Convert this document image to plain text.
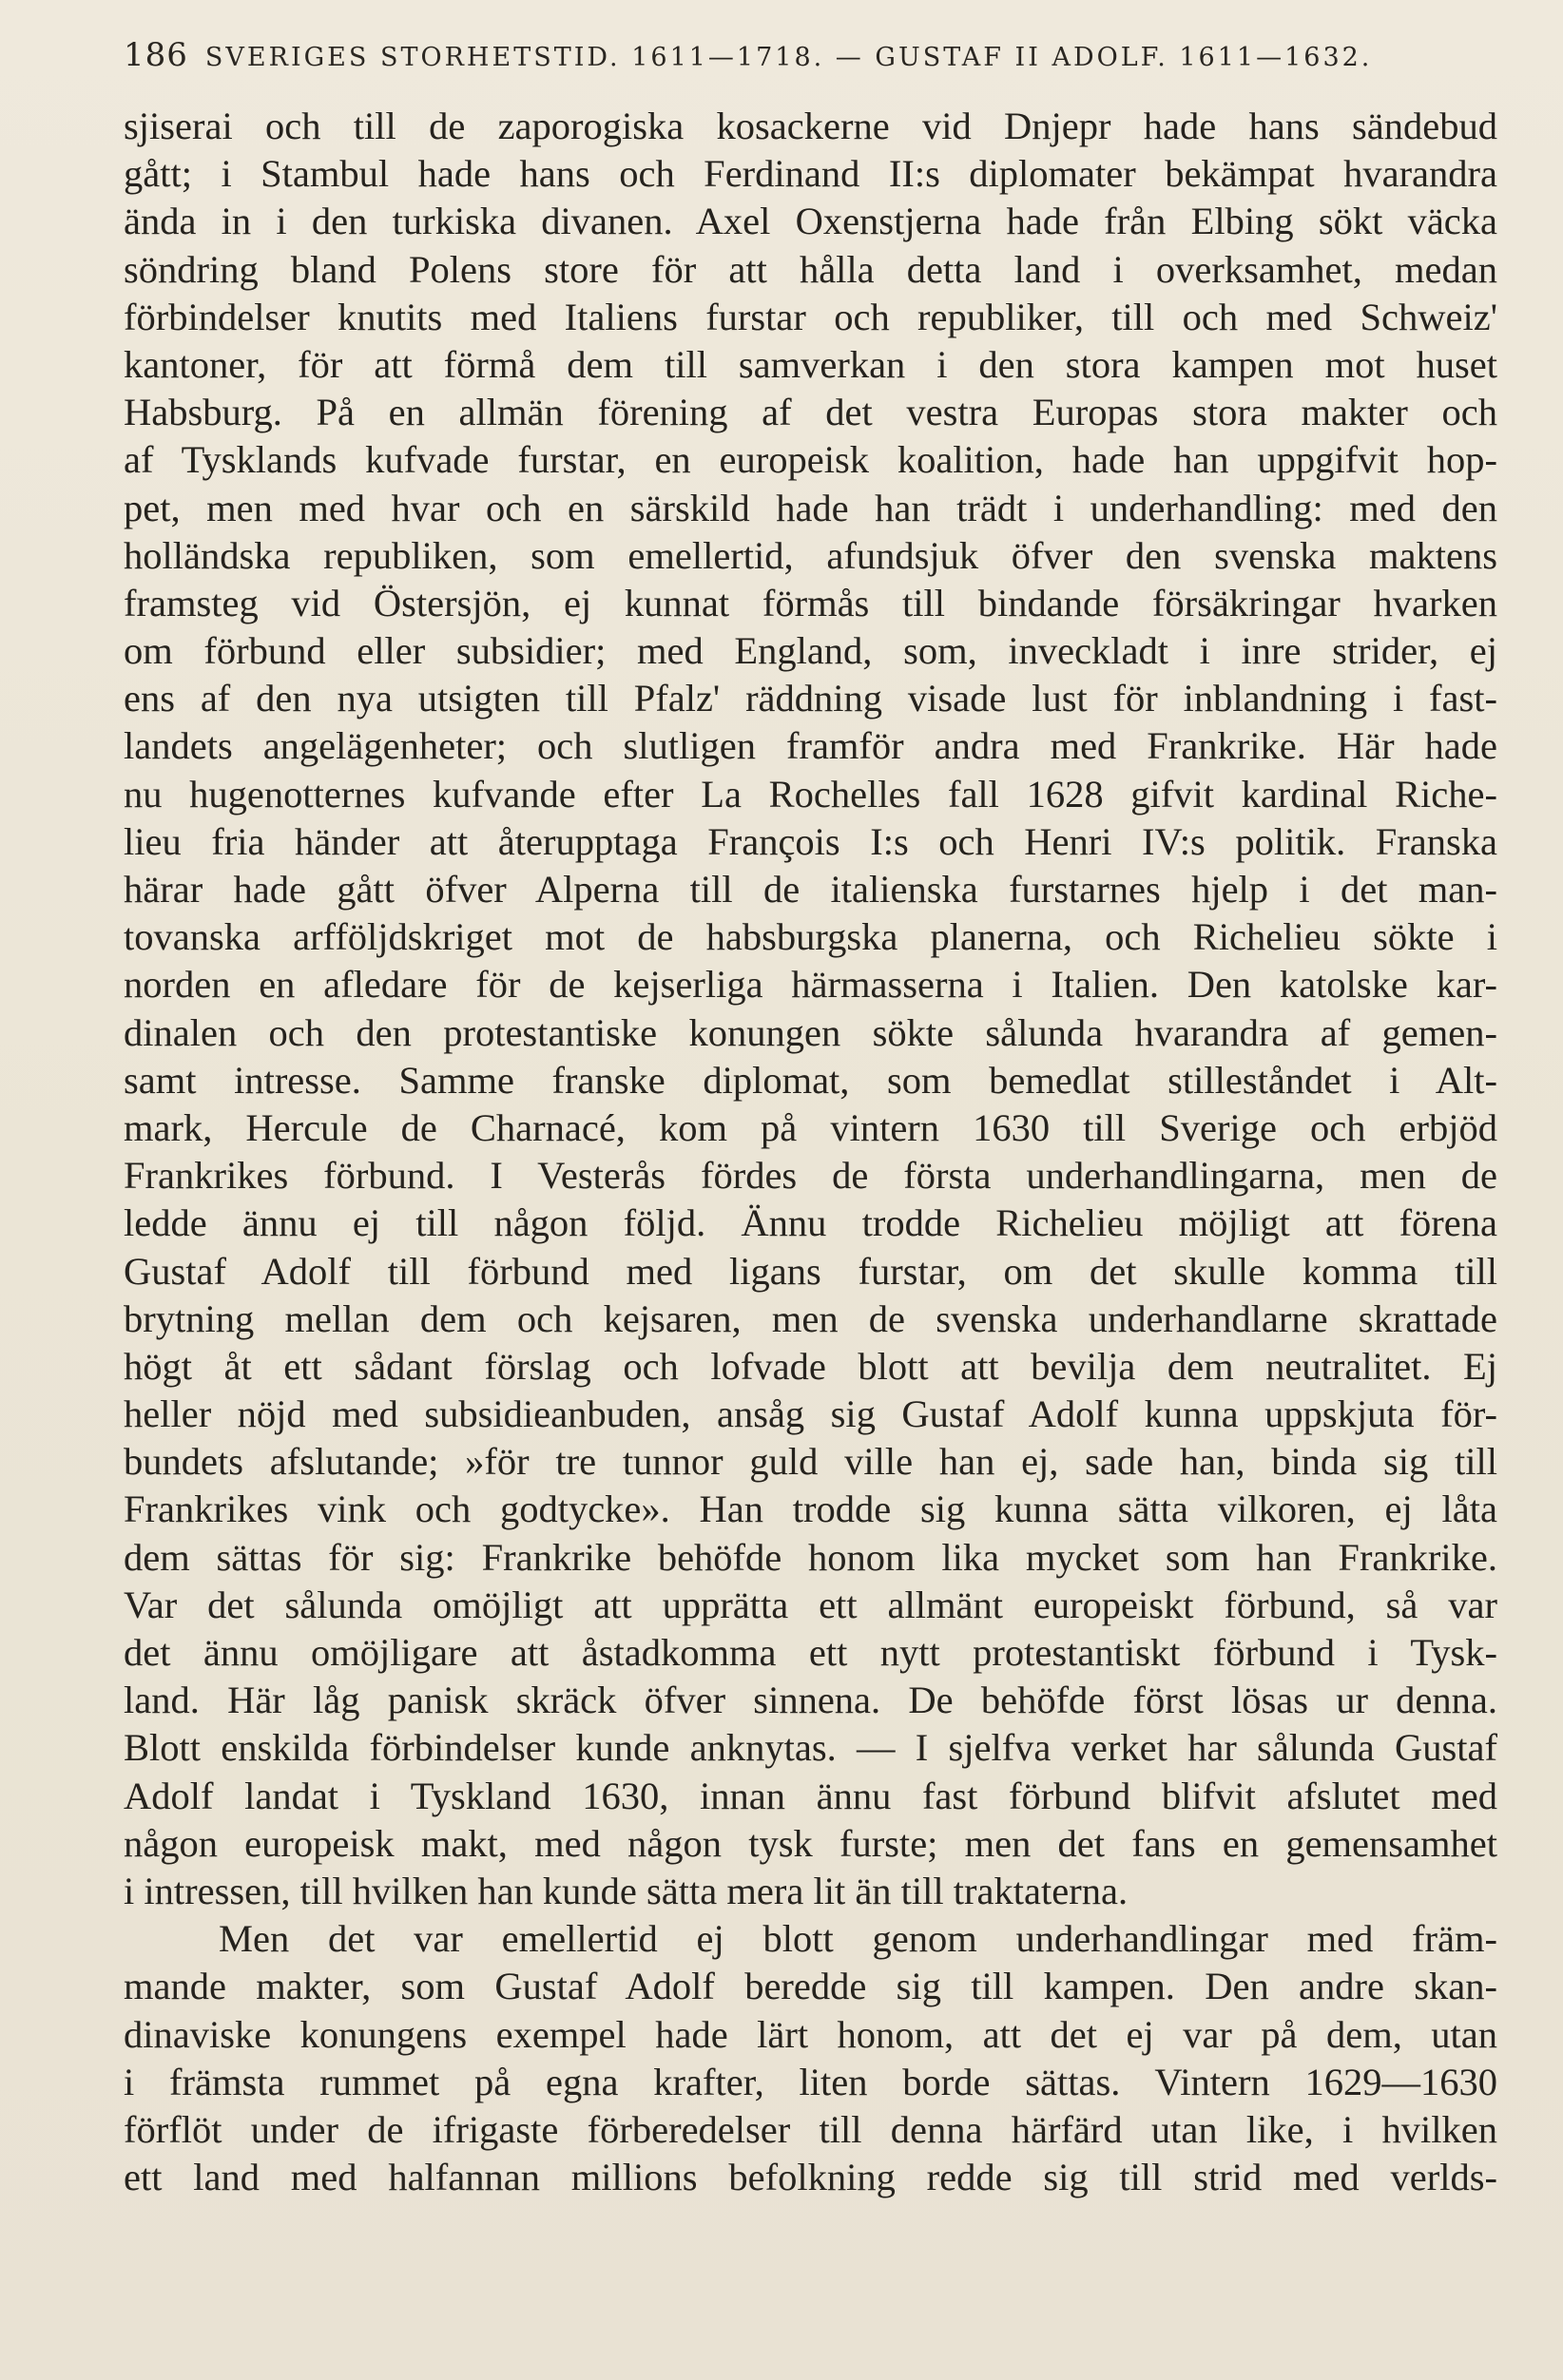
186 SVERIGES STORHETSTID. 1611—1718. — GUSTAF II ADOLF. 1611—1632.
sjiserai och till de zaporogiska kosackerne vid Dnjepr hade hans sändebud
gått; i Stambul hade hans och Ferdinand II:s diplomater bekämpat hvarandra
ända in i den turkiska divanen. Axel Oxenstjerna hade från Elbing sökt väcka
söndring bland Polens store för att hålla detta land i overksamhet, medan
förbindelser knutits med Italiens furstar och republiker, till och med Schweiz'
kantoner, för att förmå dem till samverkan i den stora kampen mot huset
Habsburg. På en allmän förening af det vestra Europas stora makter och
af Tysklands kufvade furstar, en europeisk koalition, hade han uppgifvit hop-
pet, men med hvar och en särskild hade han trädt i underhandling: med den
holländska republiken, som emellertid, afundsjuk öfver den svenska maktens
framsteg vid Östersjön, ej kunnat förmås till bindande försäkringar hvarken
om förbund eller subsidier; med England, som, inveckladt i inre strider, ej
ens af den nya utsigten till Pfalz' räddning visade lust för inblandning i fast-
landets angelägenheter; och slutligen framför andra med Frankrike. Här hade
nu hugenotternes kufvande efter La Rochelles fall 1628 gifvit kardinal Riche-
lieu fria händer att återupptaga François I:s och Henri IV:s politik. Franska
härar hade gått öfver Alperna till de italienska furstarnes hjelp i det man-
tovanska arfföljdskriget mot de habsburgska planerna, och Richelieu sökte i
norden en afledare för de kejserliga härmasserna i Italien. Den katolske kar-
dinalen och den protestantiske konungen sökte sålunda hvarandra af gemen-
samt intresse. Samme franske diplomat, som bemedlat stilleståndet i Alt-
mark, Hercule de Charnacé, kom på vintern 1630 till Sverige och erbjöd
Frankrikes förbund. I Vesterås fördes de första underhandlingarna, men de
ledde ännu ej till någon följd. Ännu trodde Richelieu möjligt att förena
Gustaf Adolf till förbund med ligans furstar, om det skulle komma till
brytning mellan dem och kejsaren, men de svenska underhandlarne skrattade
högt åt ett sådant förslag och lofvade blott att bevilja dem neutralitet. Ej
heller nöjd med subsidieanbuden, ansåg sig Gustaf Adolf kunna uppskjuta för-
bundets afslutande; »för tre tunnor guld ville han ej, sade han, binda sig till
Frankrikes vink och godtycke». Han trodde sig kunna sätta vilkoren, ej låta
dem sättas för sig: Frankrike behöfde honom lika mycket som han Frankrike.
Var det sålunda omöjligt att upprätta ett allmänt europeiskt förbund, så var
det ännu omöjligare att åstadkomma ett nytt protestantiskt förbund i Tysk-
land. Här låg panisk skräck öfver sinnena. De behöfde först lösas ur denna.
Blott enskilda förbindelser kunde anknytas. — I sjelfva verket har sålunda Gustaf
Adolf landat i Tyskland 1630, innan ännu fast förbund blifvit afslutet med
någon europeisk makt, med någon tysk furste; men det fans en gemensamhet
i intressen, till hvilken han kunde sätta mera lit än till traktaterna.
Men det var emellertid ej blott genom underhandlingar med främ-
mande makter, som Gustaf Adolf beredde sig till kampen. Den andre skan-
dinaviske konungens exempel hade lärt honom, att det ej var på dem, utan
i främsta rummet på egna krafter, liten borde sättas. Vintern 1629—1630
förflöt under de ifrigaste förberedelser till denna härfärd utan like, i hvilken
ett land med halfannan millions befolkning redde sig till strid med verlds-
